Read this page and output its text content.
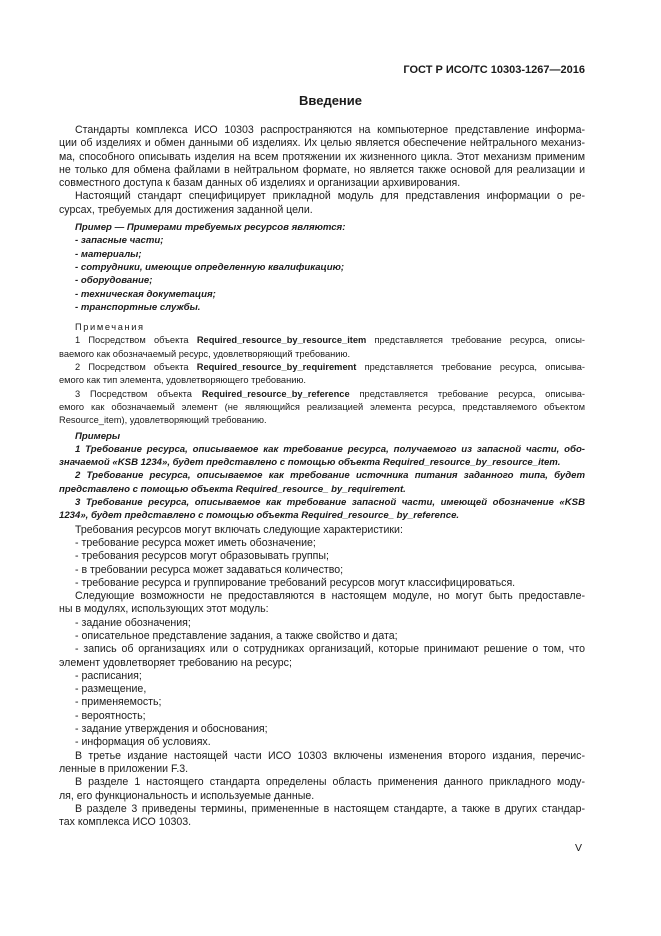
ГОСТ Р ИСО/ТС 10303-1267—2016
Введение
Стандарты комплекса ИСО 10303 распространяются на компьютерное представление информа-
ции об изделиях и обмен данными об изделиях. Их целью является обеспечение нейтрального механиз-
ма, способного описывать изделия на всем протяжении их жизненного цикла. Этот механизм применим
не только для обмена файлами в нейтральном формате, но является также основой для реализации и
совместного доступа к базам данных об изделиях и организации архивирования.
Настоящий стандарт специфицирует прикладной модуль для представления информации о ре-
сурсах, требуемых для достижения заданной цели.
Пример — Примерами требуемых ресурсов являются:
- запасные части;
- материалы;
- сотрудники, имеющие определенную квалификацию;
- оборудование;
- техническая докуметация;
- транспортные службы.
Примечания
1 Посредством объекта Required_resource_by_resource_item представляется требование ресурса, описы-
ваемого как обозначаемый ресурс, удовлетворяющий требованию.
2 Посредством объекта Required_resource_by_requirement представляется требование ресурса, описыва-
емого как тип элемента, удовлетворяющего требованию.
3 Посредством объекта Required_resource_by_reference представляется требование ресурса, описыва-
емого как обозначаемый элемент (не являющийся реализацией элемента ресурса, представляемого объектом
Resource_item), удовлетворяющий требованию.
Примеры
1 Требование ресурса, описываемое как требование ресурса, получаемого из запасной части, обо-
значаемой «KSB 1234», будет представлено с помощью объекта Required_resource_by_resource_item.
2 Требование ресурса, описываемое как требование источника питания заданного типа, будет
представлено с помощью объекта Required_resource_ by_requirement.
3 Требование ресурса, описываемое как требование запасной части, имеющей обозначение «KSB
1234», будет представлено с помощью объекта Required_resource_ by_reference.
Требования ресурсов могут включать следующие характеристики:
- требование ресурса может иметь обозначение;
- требования ресурсов могут образовывать группы;
- в требовании ресурса может задаваться количество;
- требование ресурса и группирование требований ресурсов могут классифицироваться.
Следующие возможности не предоставляются в настоящем модуле, но могут быть предоставле-
ны в модулях, использующих этот модуль:
- задание обозначения;
- описательное представление задания, а также свойство и дата;
- запись об организациях или о сотрудниках организаций, которые принимают решение о том, что
элемент удовлетворяет требованию на ресурс;
- расписания;
- размещение,
- применяемость;
- вероятность;
- задание утверждения и обоснования;
- информация об условиях.
В третье издание настоящей части ИСО 10303 включены изменения второго издания, перечис-
ленные в приложении F.3.
В разделе 1 настоящего стандарта определены область применения данного прикладного моду-
ля, его функциональность и используемые данные.
В разделе 3 приведены термины, примененные в настоящем стандарте, а также в других стандар-
тах комплекса ИСО 10303.
V
